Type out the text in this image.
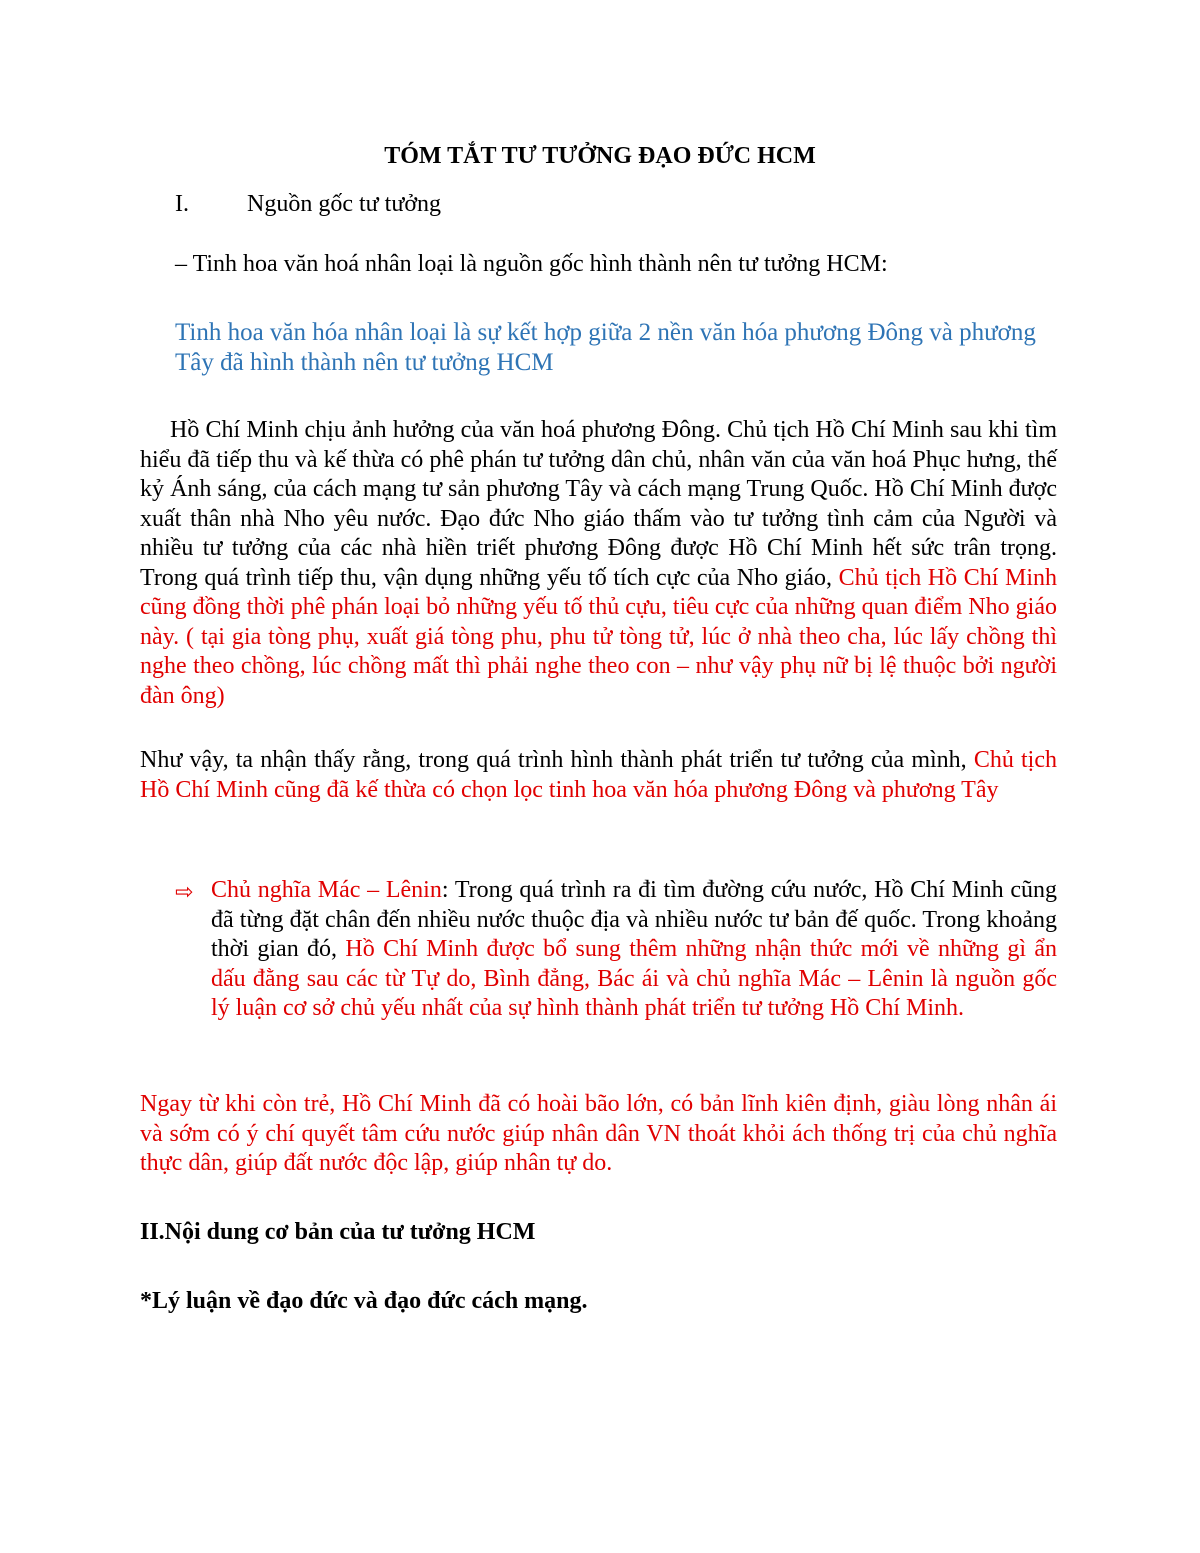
TÓM TẮT TƯ TƯỞNG ĐẠO ĐỨC HCM

I. Nguồn gốc tư tưởng

– Tinh hoa văn hoá nhân loại là nguồn gốc hình thành nên tư tưởng HCM:

Tinh hoa văn hóa nhân loại là sự kết hợp giữa 2 nền văn hóa phương Đông và phương Tây đã hình thành nên tư tưởng HCM

Hồ Chí Minh chịu ảnh hưởng của văn hoá phương Đông. Chủ tịch Hồ Chí Minh sau khi tìm hiểu đã tiếp thu và kế thừa có phê phán tư tưởng dân chủ, nhân văn của văn hoá Phục hưng, thế kỷ Ánh sáng, của cách mạng tư sản phương Tây và cách mạng Trung Quốc. Hồ Chí Minh được xuất thân nhà Nho yêu nước. Đạo đức Nho giáo thấm vào tư tưởng tình cảm của Người và nhiều tư tưởng của các nhà hiền triết phương Đông được Hồ Chí Minh hết sức trân trọng. Trong quá trình tiếp thu, vận dụng những yếu tố tích cực của Nho giáo, Chủ tịch Hồ Chí Minh cũng đồng thời phê phán loại bỏ những yếu tố thủ cựu, tiêu cực của những quan điểm Nho giáo này. ( tại gia tòng phụ, xuất giá tòng phu, phu tử tòng tử, lúc ở nhà theo cha, lúc lấy chồng thì nghe theo chồng, lúc chồng mất thì phải nghe theo con – như vậy phụ nữ bị lệ thuộc bởi người đàn ông)

Như vậy, ta nhận thấy rằng, trong quá trình hình thành phát triển tư tưởng của mình, Chủ tịch Hồ Chí Minh cũng đã kế thừa có chọn lọc tinh hoa văn hóa phương Đông và phương Tây

⇨ Chủ nghĩa Mác – Lênin: Trong quá trình ra đi tìm đường cứu nước, Hồ Chí Minh cũng đã từng đặt chân đến nhiều nước thuộc địa và nhiều nước tư bản đế quốc. Trong khoảng thời gian đó, Hồ Chí Minh được bổ sung thêm những nhận thức mới về những gì ẩn dấu đằng sau các từ Tự do, Bình đẳng, Bác ái và chủ nghĩa Mác – Lênin là nguồn gốc lý luận cơ sở chủ yếu nhất của sự hình thành phát triển tư tưởng Hồ Chí Minh.

Ngay từ khi còn trẻ, Hồ Chí Minh đã có hoài bão lớn, có bản lĩnh kiên định, giàu lòng nhân ái và sớm có ý chí quyết tâm cứu nước giúp nhân dân VN thoát khỏi ách thống trị của chủ nghĩa thực dân, giúp đất nước độc lập, giúp nhân tự do.

II.Nội dung cơ bản của tư tưởng HCM

*Lý luận về đạo đức và đạo đức cách mạng.
